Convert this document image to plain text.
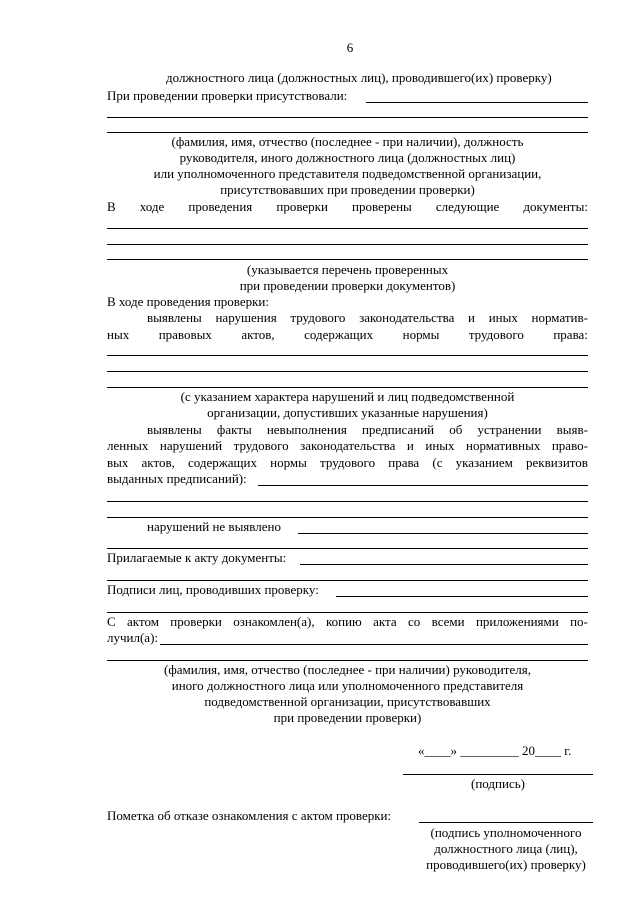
6
должностного лица (должностных лиц), проводившего(их) проверку)
При проведении проверки присутствовали:
(фамилия, имя, отчество (последнее - при наличии), должность
руководителя, иного должностного лица (должностных лиц)
или уполномоченного представителя подведомственной организации,
присутствовавших при проведении проверки)
В ходе проведения проверки проверены следующие документы:
(указывается перечень проверенных
при проведении проверки документов)
В ходе проведения проверки:
выявлены нарушения трудового законодательства и иных норматив-
ных правовых актов, содержащих нормы трудового права:
(с указанием характера нарушений и лиц подведомственной
организации, допустивших указанные нарушения)
выявлены факты невыполнения предписаний об устранении выяв-
ленных нарушений трудового законодательства и иных нормативных право-
вых актов, содержащих нормы трудового права (с указанием реквизитов
выданных предписаний):
нарушений не выявлено
Прилагаемые к акту документы:
Подписи лиц, проводивших проверку:
С актом проверки ознакомлен(а), копию акта со всеми приложениями по-
лучил(а):
(фамилия, имя, отчество (последнее - при наличии) руководителя,
иного должностного лица или уполномоченного представителя
подведомственной организации, присутствовавших
при проведении проверки)
«____» _________ 20____ г.
(подпись)
Пометка об отказе ознакомления с актом проверки:
(подпись уполномоченного
должностного лица (лиц),
проводившего(их) проверку)
